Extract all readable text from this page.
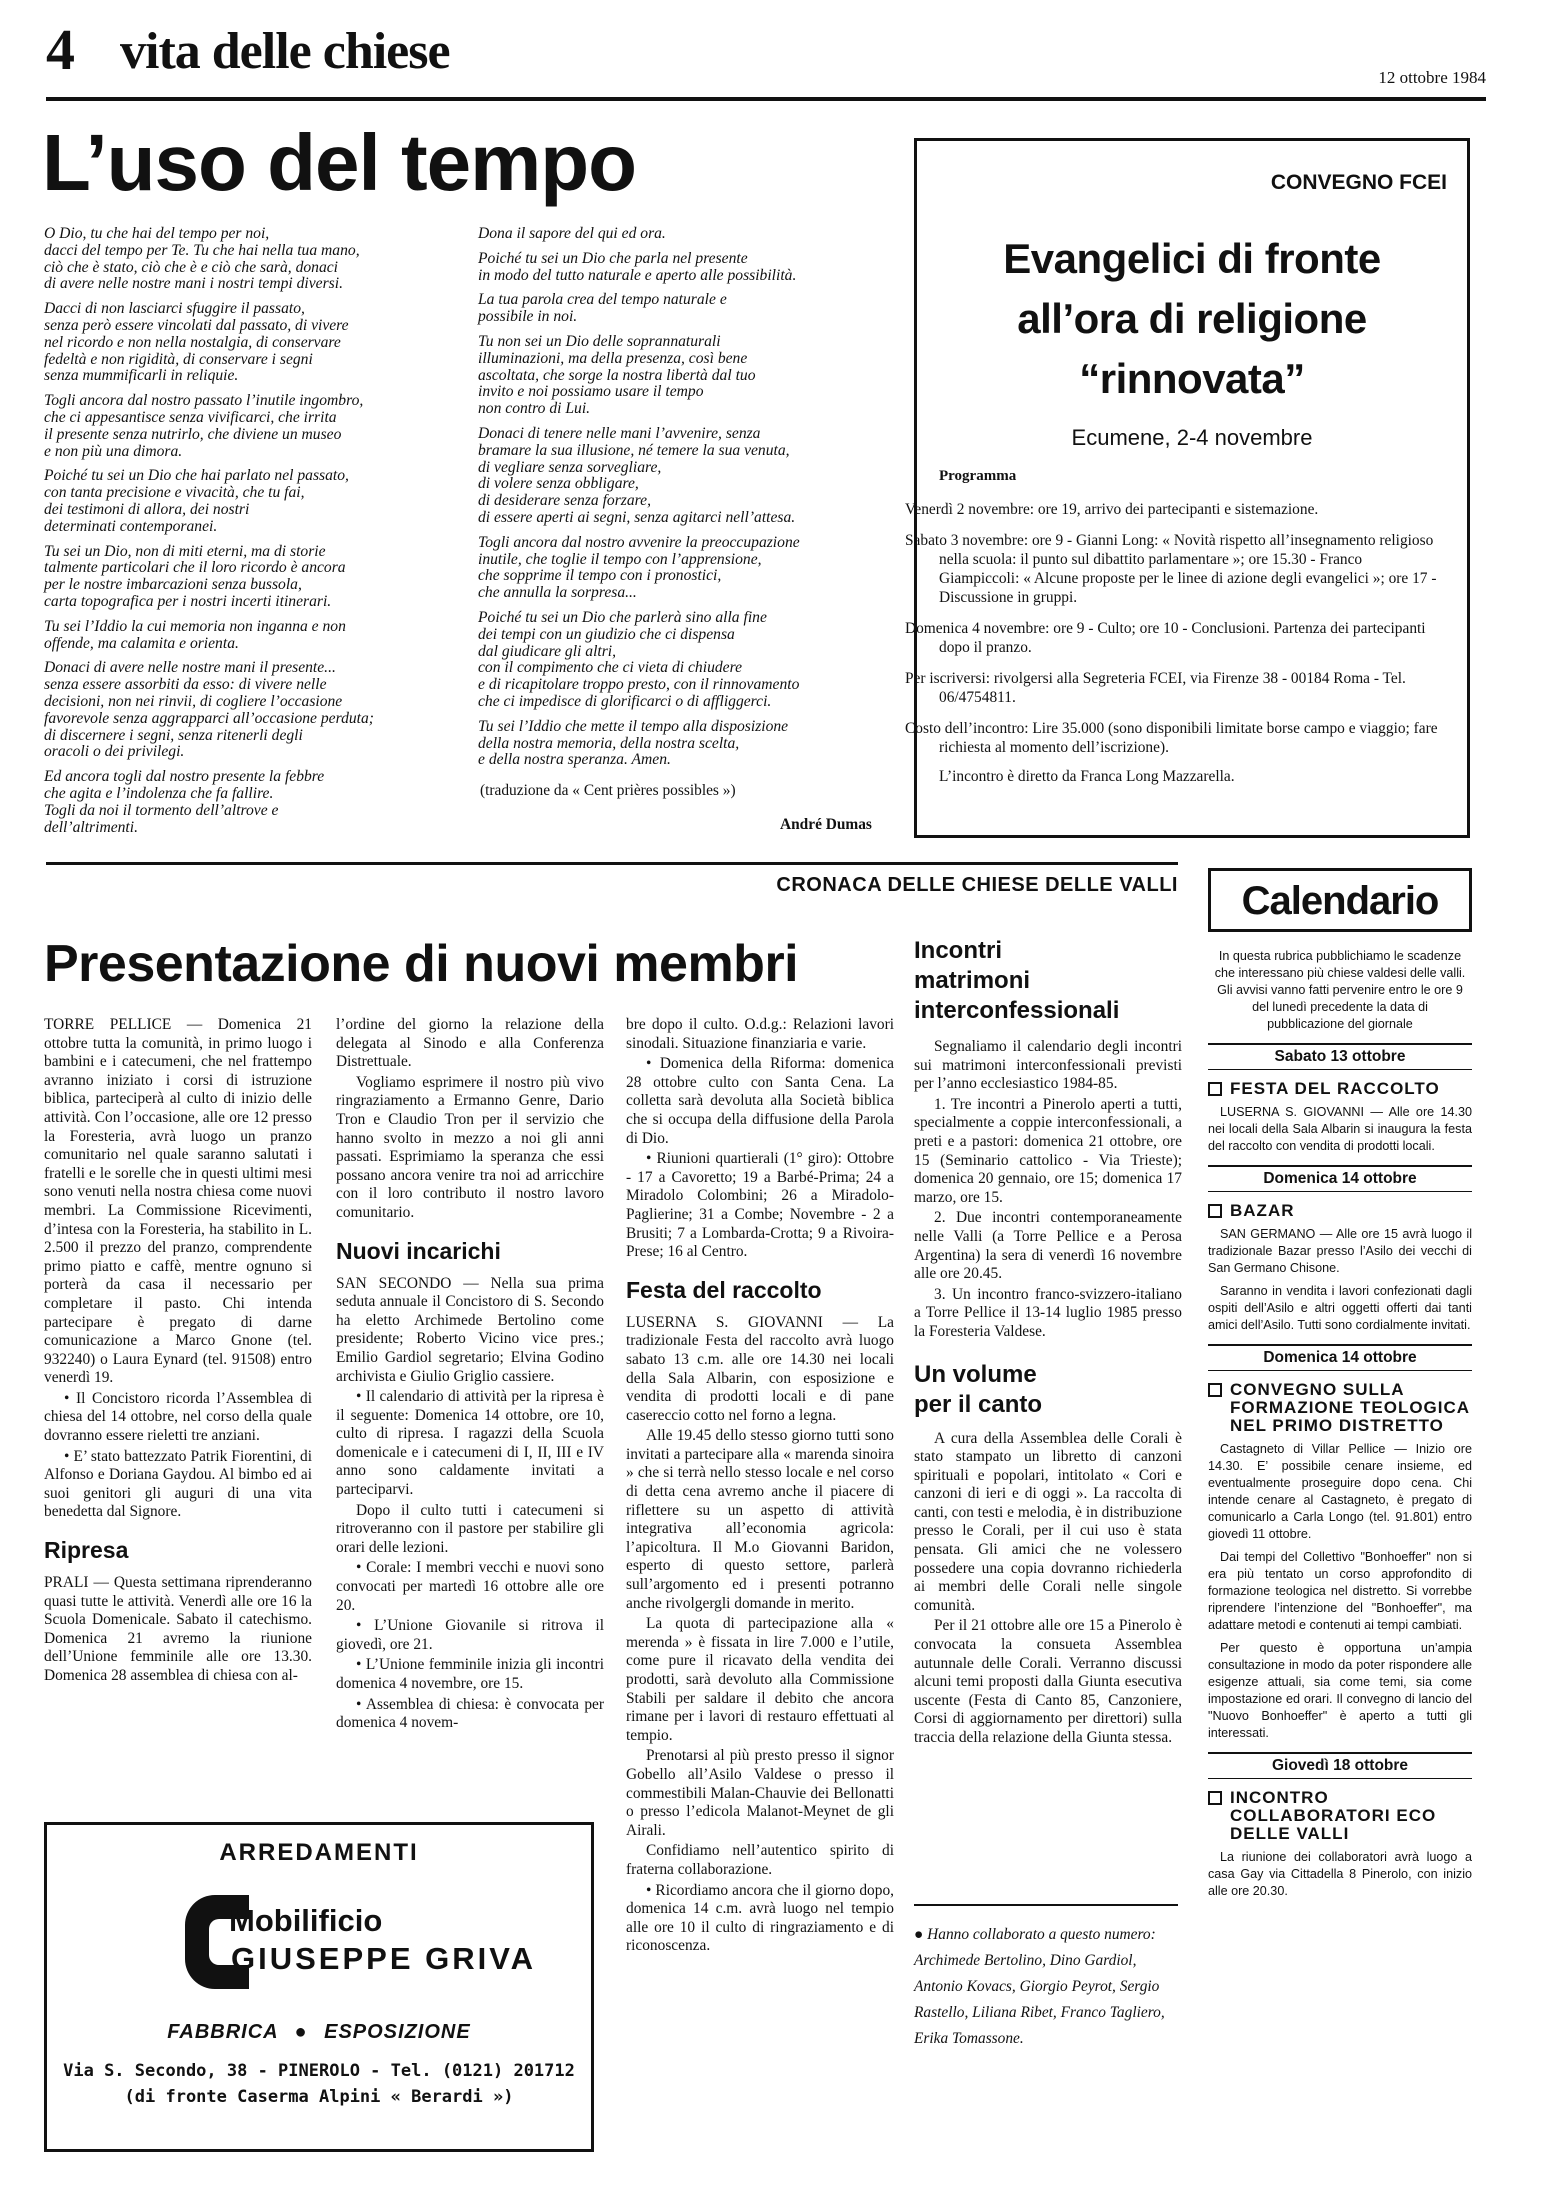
4 vita delle chiese	12 ottobre 1984
L’uso del tempo

O Dio, tu che hai del tempo per noi,
dacci del tempo per Te. Tu che hai nella tua mano,
ciò che è stato, ciò che è e ciò che sarà, donaci
di avere nelle nostre mani i nostri tempi diversi.

Dacci di non lasciarci sfuggire il passato,
senza però essere vincolati dal passato, di vivere
nel ricordo e non nella nostalgia, di conservare
fedeltà e non rigidità, di conservare i segni
senza mummificarli in reliquie.

Togli ancora dal nostro passato l’inutile ingombro,
che ci appesantisce senza vivificarci, che irrita
il presente senza nutrirlo, che diviene un museo
e non più una dimora.

Poiché tu sei un Dio che hai parlato nel passato,
con tanta precisione e vivacità, che tu fai,
dei testimoni di allora, dei nostri
determinati contemporanei.

Tu sei un Dio, non di miti eterni, ma di storie
talmente particolari che il loro ricordo è ancora
per le nostre imbarcazioni senza bussola,
carta topografica per i nostri incerti itinerari.

Tu sei l’Iddio la cui memoria non inganna e non
offende, ma calamita e orienta.

Donaci di avere nelle nostre mani il presente...
senza essere assorbiti da esso: di vivere nelle
decisioni, non nei rinvii, di cogliere l’occasione
favorevole senza aggrapparci all’occasione perduta;
di discernere i segni, senza ritenerli degli
oracoli o dei privilegi.

Ed ancora togli dal nostro presente la febbre
che agita e l’indolenza che fa fallire.
Togli da noi il tormento dell’altrove e
dell’altrimenti.

Dona il sapore del qui ed ora.

Poiché tu sei un Dio che parla nel presente
in modo del tutto naturale e aperto alle possibilità.

La tua parola crea del tempo naturale e
possibile in noi.

Tu non sei un Dio delle soprannaturali
illuminazioni, ma della presenza, così bene
ascoltata, che sorge la nostra libertà dal tuo
invito e noi possiamo usare il tempo
non contro di Lui.

Donaci di tenere nelle mani l’avvenire, senza
bramare la sua illusione, né temere la sua venuta,
di vegliare senza sorvegliare,
di volere senza obbligare,
di desiderare senza forzare,
di essere aperti ai segni, senza agitarci nell’attesa.

Togli ancora dal nostro avvenire la preoccupazione
inutile, che toglie il tempo con l’apprensione,
che sopprime il tempo con i pronostici,
che annulla la sorpresa...

Poiché tu sei un Dio che parlerà sino alla fine
dei tempi con un giudizio che ci dispensa
dal giudicare gli altri,
con il compimento che ci vieta di chiudere
e di ricapitolare troppo presto, con il rinnovamento
che ci impedisce di glorificarci o di affliggerci.

Tu sei l’Iddio che mette il tempo alla disposizione
della nostra memoria, della nostra scelta,
e della nostra speranza. Amen.

(traduzione da « Cent prières possibles »)
André Dumas
CONVEGNO FCEI
Evangelici di fronte
all’ora di religione
“rinnovata”
Ecumene, 2-4 novembre

Programma

Venerdì 2 novembre: ore 19, arrivo dei partecipanti e sistemazione.

Sabato 3 novembre: ore 9 - Gianni Long: « Novità rispetto all’insegnamento religioso nella scuola: il punto sul dibattito parlamentare »; ore 15.30 - Franco Giampiccoli: « Alcune proposte per le linee di azione degli evangelici »; ore 17 - Discussione in gruppi.

Domenica 4 novembre: ore 9 - Culto; ore 10 - Conclusioni. Partenza dei partecipanti dopo il pranzo.

Per iscriversi: rivolgersi alla Segreteria FCEI, via Firenze 38 - 00184 Roma - Tel. 06/4754811.

Costo dell’incontro: Lire 35.000 (sono disponibili limitate borse campo e viaggio; fare richiesta al momento dell’iscrizione).

L’incontro è diretto da Franca Long Mazzarella.

CRONACA DELLE CHIESE DELLE VALLI
Presentazione di nuovi membri

TORRE PELLICE — Domenica 21 ottobre tutta la comunità, in primo luogo i bambini e i catecumeni, che nel frattempo avranno iniziato i corsi di istruzione biblica, parteciperà al culto di inizio delle attività. Con l’occasione, alle ore 12 presso la Foresteria, avrà luogo un pranzo comunitario nel quale saranno salutati i fratelli e le sorelle che in questi ultimi mesi sono venuti nella nostra chiesa come nuovi membri. La Commissione Ricevimenti, d’intesa con la Foresteria, ha stabilito in L. 2.500 il prezzo del pranzo, comprendente primo piatto e caffè, mentre ognuno si porterà da casa il necessario per completare il pasto. Chi intenda partecipare è pregato di darne comunicazione a Marco Gnone (tel. 932240) o Laura Eynard (tel. 91508) entro venerdì 19.

• Il Concistoro ricorda l’Assemblea di chiesa del 14 ottobre, nel corso della quale dovranno essere rieletti tre anziani.

• E’ stato battezzato Patrik Fiorentini, di Alfonso e Doriana Gaydou. Al bimbo ed ai suoi genitori gli auguri di una vita benedetta dal Signore.

Ripresa

PRALI — Questa settimana riprenderanno quasi tutte le attività. Venerdì alle ore 16 la Scuola Domenicale. Sabato il catechismo. Domenica 21 avremo la riunione dell’Unione femminile alle ore 13.30. Domenica 28 assemblea di chiesa con al-

l’ordine del giorno la relazione della delegata al Sinodo e alla Conferenza Distrettuale.

Vogliamo esprimere il nostro più vivo ringraziamento a Ermanno Genre, Dario Tron e Claudio Tron per il servizio che hanno svolto in mezzo a noi gli anni passati. Esprimiamo la speranza che essi possano ancora venire tra noi ad arricchire con il loro contributo il nostro lavoro comunitario.

Nuovi incarichi

SAN SECONDO — Nella sua prima seduta annuale il Concistoro di S. Secondo ha eletto Archimede Bertolino come presidente; Roberto Vicino vice pres.; Emilio Gardiol segretario; Elvina Godino archivista e Giulio Griglio cassiere.

• Il calendario di attività per la ripresa è il seguente: Domenica 14 ottobre, ore 10, culto di ripresa. I ragazzi della Scuola domenicale e i catecumeni di I, II, III e IV anno sono caldamente invitati a parteciparvi.

Dopo il culto tutti i catecumeni si ritroveranno con il pastore per stabilire gli orari delle lezioni.

• Corale: I membri vecchi e nuovi sono convocati per martedì 16 ottobre alle ore 20.

• L’Unione Giovanile si ritrova il giovedì, ore 21.

• L’Unione femminile inizia gli incontri domenica 4 novembre, ore 15.

• Assemblea di chiesa: è convocata per domenica 4 novem-

bre dopo il culto. O.d.g.: Relazioni lavori sinodali. Situazione finanziaria e varie.

• Domenica della Riforma: domenica 28 ottobre culto con Santa Cena. La colletta sarà devoluta alla Società biblica che si occupa della diffusione della Parola di Dio.

• Riunioni quartierali (1° giro): Ottobre - 17 a Cavoretto; 19 a Barbé-Prima; 24 a Miradolo Colombini; 26 a Miradolo-Paglierine; 31 a Combe; Novembre - 2 a Brusiti; 7 a Lombarda-Crotta; 9 a Rivoira-Prese; 16 al Centro.

Festa del raccolto

LUSERNA S. GIOVANNI — La tradizionale Festa del raccolto avrà luogo sabato 13 c.m. alle ore 14.30 nei locali della Sala Albarin, con esposizione e vendita di prodotti locali e di pane casereccio cotto nel forno a legna.

Alle 19.45 dello stesso giorno tutti sono invitati a partecipare alla « marenda sinoira » che si terrà nello stesso locale e nel corso di detta cena avremo anche il piacere di riflettere su un aspetto di attività integrativa all’economia agricola: l’apicoltura. Il M.o Giovanni Baridon, esperto di questo settore, parlerà sull’argomento ed i presenti potranno anche rivolgergli domande in merito.

La quota di partecipazione alla « merenda » è fissata in lire 7.000 e l’utile, come pure il ricavato della vendita dei prodotti, sarà devoluto alla Commissione Stabili per saldare il debito che ancora rimane per i lavori di restauro effettuati al tempio.

Prenotarsi al più presto presso il signor Gobello all’Asilo Valdese o presso il commestibili Malan-Chauvie dei Bellonatti o presso l’edicola Malanot-Meynet de gli Airali.

Confidiamo nell’autentico spirito di fraterna collaborazione.

• Ricordiamo ancora che il giorno dopo, domenica 14 c.m. avrà luogo nel tempio alle ore 10 il culto di ringraziamento e di riconoscenza.

Incontri
matrimoni
interconfessionali

Segnaliamo il calendario degli incontri sui matrimoni interconfessionali previsti per l’anno ecclesiastico 1984-85.

1. Tre incontri a Pinerolo aperti a tutti, specialmente a coppie interconfessionali, a preti e a pastori: domenica 21 ottobre, ore 15 (Seminario cattolico - Via Trieste); domenica 20 gennaio, ore 15; domenica 17 marzo, ore 15.

2. Due incontri contemporaneamente nelle Valli (a Torre Pellice e a Perosa Argentina) la sera di venerdì 16 novembre alle ore 20.45.

3. Un incontro franco-svizzero-italiano a Torre Pellice il 13-14 luglio 1985 presso la Foresteria Valdese.

Un volume
per il canto

A cura della Assemblea delle Corali è stato stampato un libretto di canzoni spirituali e popolari, intitolato « Cori e canzoni di ieri e di oggi ». La raccolta di canti, con testi e melodia, è in distribuzione presso le Corali, per il cui uso è stata pensata. Gli amici che ne volessero possedere una copia dovranno richiederla ai membri delle Corali nelle singole comunità.

Per il 21 ottobre alle ore 15 a Pinerolo è convocata la consueta Assemblea autunnale delle Corali. Verranno discussi alcuni temi proposti dalla Giunta esecutiva uscente (Festa di Canto 85, Canzoniere, Corsi di aggiornamento per direttori) sulla traccia della relazione della Giunta stessa.

● Hanno collaborato a questo numero: Archimede Bertolino, Dino Gardiol, Antonio Kovacs, Giorgio Peyrot, Sergio Rastello, Liliana Ribet, Franco Tagliero, Erika Tomassone.
Calendario

In questa rubrica pubblichiamo le scadenze che interessano più chiese valdesi delle valli. Gli avvisi vanno fatti pervenire entro le ore 9 del lunedì precedente la data di pubblicazione del giornale

Sabato 13 ottobre
FESTA DEL RACCOLTO

LUSERNA S. GIOVANNI — Alle ore 14.30 nei locali della Sala Albarin si inaugura la festa del raccolto con vendita di prodotti locali.

Domenica 14 ottobre
BAZAR

SAN GERMANO — Alle ore 15 avrà luogo il tradizionale Bazar presso l’Asilo dei vecchi di San Germano Chisone.

Saranno in vendita i lavori confezionati dagli ospiti dell’Asilo e altri oggetti offerti dai tanti amici dell’Asilo. Tutti sono cordialmente invitati.

Domenica 14 ottobre
CONVEGNO SULLA FORMAZIONE TEOLOGICA NEL PRIMO DISTRETTO

Castagneto di Villar Pellice — Inizio ore 14.30. E’ possibile cenare insieme, ed eventualmente proseguire dopo cena. Chi intende cenare al Castagneto, è pregato di comunicarlo a Carla Longo (tel. 91.801) entro giovedì 11 ottobre.

Dai tempi del Collettivo "Bonhoeffer" non si era più tentato un corso approfondito di formazione teologica nel distretto. Si vorrebbe riprendere l’intenzione del "Bonhoeffer", ma adattare metodi e contenuti ai tempi cambiati.

Per questo è opportuna un’ampia consultazione in modo da poter rispondere alle esigenze attuali, sia come temi, sia come impostazione ed orari. Il convegno di lancio del "Nuovo Bonhoeffer" è aperto a tutti gli interessati.

Giovedì 18 ottobre
INCONTRO COLLABORATORI ECO DELLE VALLI

La riunione dei collaboratori avrà luogo a casa Gay via Cittadella 8 Pinerolo, con inizio alle ore 20.30.

ARREDAMENTI
Mobilificio
GIUSEPPE GRIVA
FABBRICA ● ESPOSIZIONE
Via S. Secondo, 38 - PINEROLO - Tel. (0121) 201712
(di fronte Caserma Alpini « Berardi »)
